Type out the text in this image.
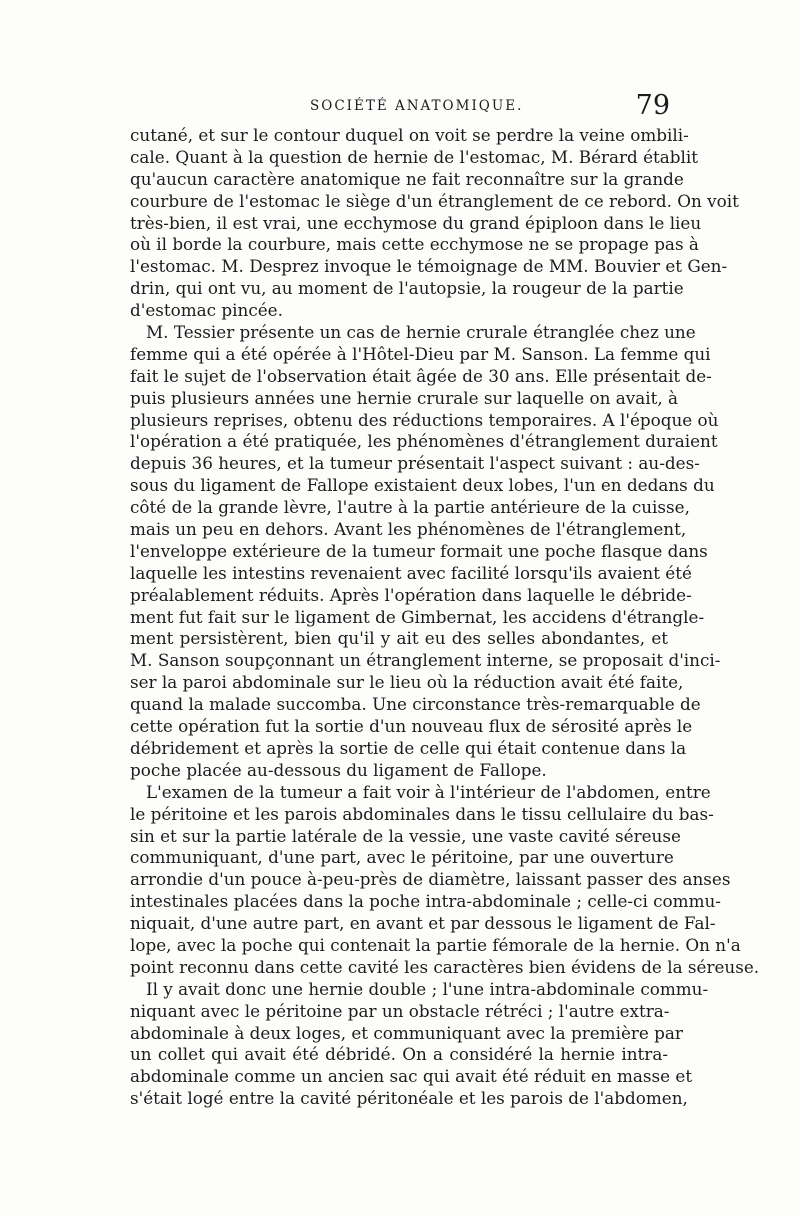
SOCIÉTÉ ANATOMIQUE.	79
cutané, et sur le contour duquel on voit se perdre la veine ombili-
cale. Quant à la question de hernie de l'estomac, M. Bérard établit
qu'aucun caractère anatomique ne fait reconnaître sur la grande
courbure de l'estomac le siège d'un étranglement de ce rebord. On voit
très-bien, il est vrai, une ecchymose du grand épiploon dans le lieu
où il borde la courbure, mais cette ecchymose ne se propage pas à
l'estomac. M. Desprez invoque le témoignage de MM. Bouvier et Gen-
drin, qui ont vu, au moment de l'autopsie, la rougeur de la partie
d'estomac pincée.
M. Tessier présente un cas de hernie crurale étranglée chez une
femme qui a été opérée à l'Hôtel-Dieu par M. Sanson. La femme qui
fait le sujet de l'observation était âgée de 30 ans. Elle présentait de-
puis plusieurs années une hernie crurale sur laquelle on avait, à
plusieurs reprises, obtenu des réductions temporaires. A l'époque où
l'opération a été pratiquée, les phénomènes d'étranglement duraient
depuis 36 heures, et la tumeur présentait l'aspect suivant : au-des-
sous du ligament de Fallope existaient deux lobes, l'un en dedans du
côté de la grande lèvre, l'autre à la partie antérieure de la cuisse,
mais un peu en dehors. Avant les phénomènes de l'étranglement,
l'enveloppe extérieure de la tumeur formait une poche flasque dans
laquelle les intestins revenaient avec facilité lorsqu'ils avaient été
préalablement réduits. Après l'opération dans laquelle le débride-
ment fut fait sur le ligament de Gimbernat, les accidens d'étrangle-
ment persistèrent, bien qu'il y ait eu des selles abondantes, et
M. Sanson soupçonnant un étranglement interne, se proposait d'inci-
ser la paroi abdominale sur le lieu où la réduction avait été faite,
quand la malade succomba. Une circonstance très-remarquable de
cette opération fut la sortie d'un nouveau flux de sérosité après le
débridement et après la sortie de celle qui était contenue dans la
poche placée au-dessous du ligament de Fallope.
L'examen de la tumeur a fait voir à l'intérieur de l'abdomen, entre
le péritoine et les parois abdominales dans le tissu cellulaire du bas-
sin et sur la partie latérale de la vessie, une vaste cavité séreuse
communiquant, d'une part, avec le péritoine, par une ouverture
arrondie d'un pouce à-peu-près de diamètre, laissant passer des anses
intestinales placées dans la poche intra-abdominale ; celle-ci commu-
niquait, d'une autre part, en avant et par dessous le ligament de Fal-
lope, avec la poche qui contenait la partie fémorale de la hernie. On n'a
point reconnu dans cette cavité les caractères bien évidens de la séreuse.
Il y avait donc une hernie double ; l'une intra-abdominale commu-
niquant avec le péritoine par un obstacle rétréci ; l'autre extra-
abdominale à deux loges, et communiquant avec la première par
un collet qui avait été débridé. On a considéré la hernie intra-
abdominale comme un ancien sac qui avait été réduit en masse et
s'était logé entre la cavité péritonéale et les parois de l'abdomen,
